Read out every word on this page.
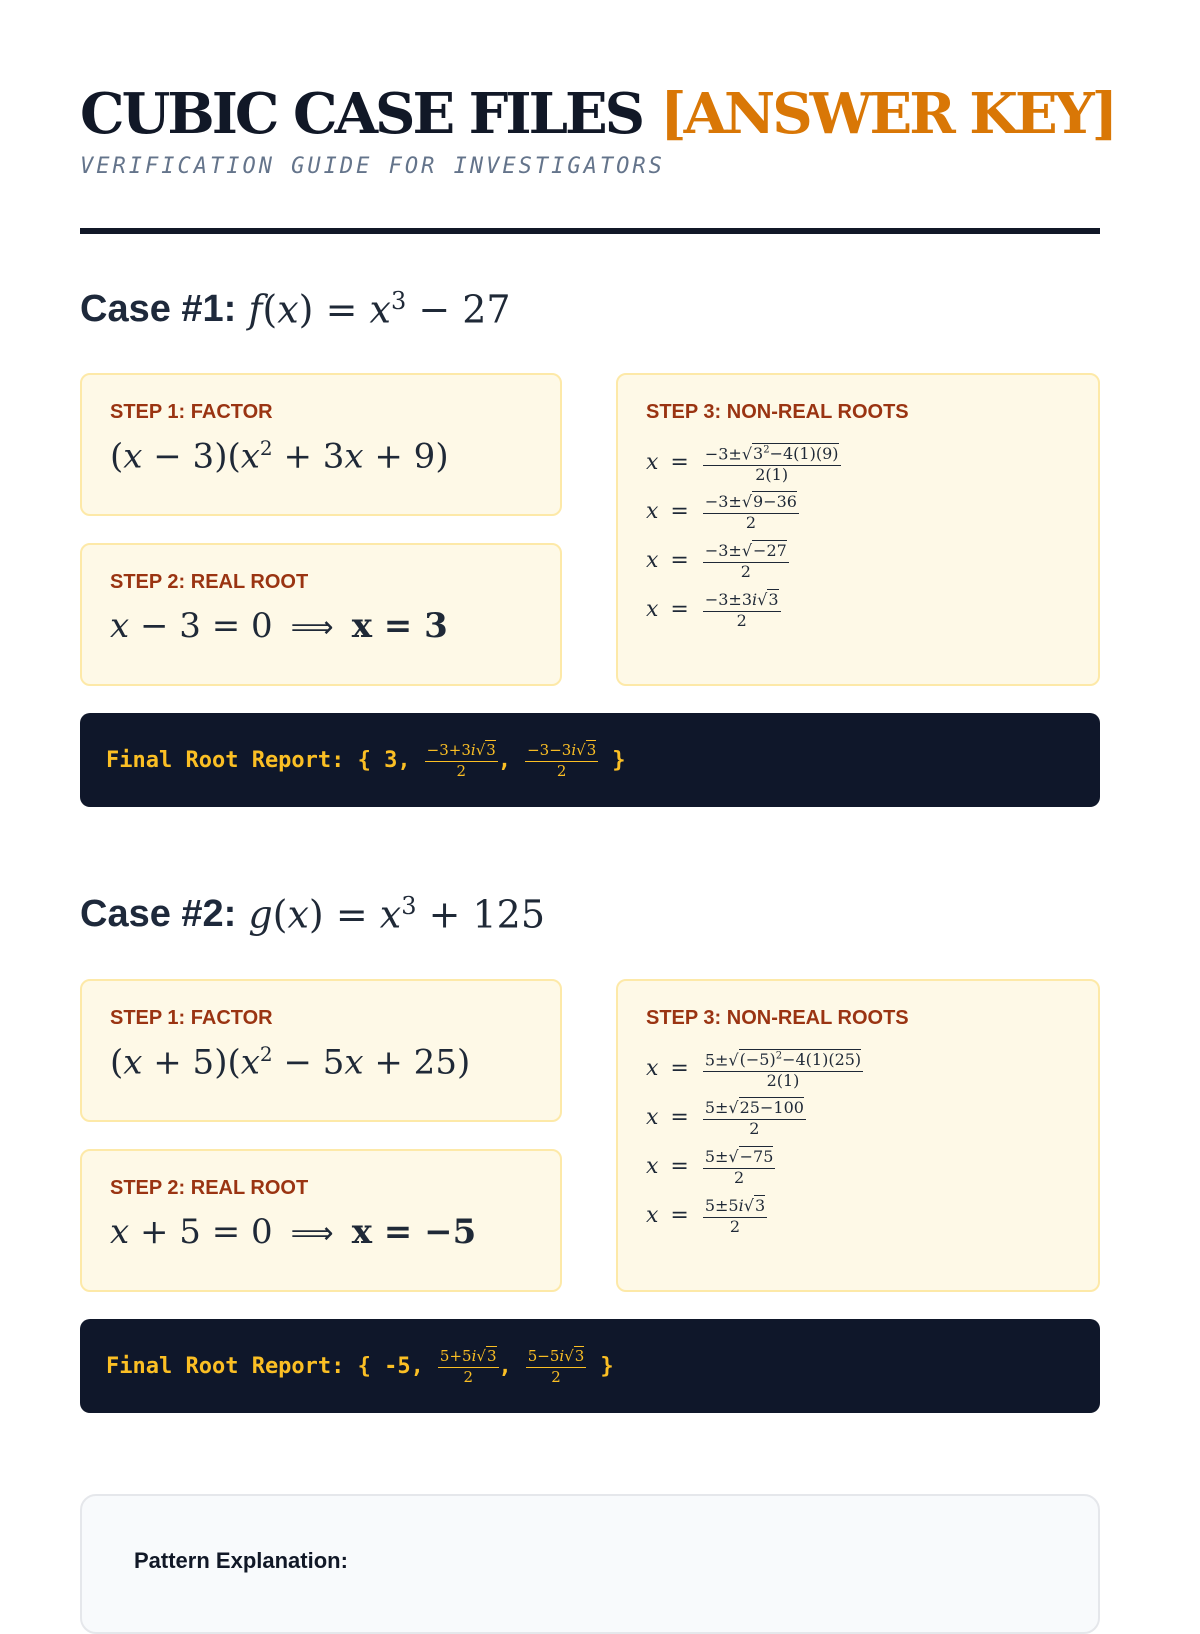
CUBIC CASE FILES [ANSWER KEY]
VERIFICATION GUIDE FOR INVESTIGATORS
Case #1: $f(x) = x^3 - 27$
STEP 1: FACTOR
$(x - 3)(x^2 + 3x + 9)$
STEP 2: REAL ROOT
x − 3 = 0 ⟹ x = 3
STEP 3: NON-REAL ROOTS
$x = \frac{-3\pm√3^2-4(1)(9)}{2(1)}$
$x = \frac{-3\pm√9-36}{2}$
$x = \frac{-3\pm√-27}{2}$
$x = \frac{-3\pm 3i√3}{2}$
Final Root Report: { 3 , $\frac{-3+3i√3}{2}$ , $\frac{-3-3i√3}{2}$ }
Case #2: $g(x) = x^3 + 125$
STEP 1: FACTOR
$(x + 5)(x^2 - 5x + 25)$
STEP 2: REAL ROOT
x + 5 = 0 ⟹ x = −5
STEP 3: NON-REAL ROOTS
$x = \frac{5\pm√(-5)^2-4(1)(25)}{2(1)}$
$x = \frac{5\pm√25-100}{2}$
$x = \frac{5\pm√-75}{2}$
$x = \frac{5\pm 5i√3}{2}$
Final Root Report: { -5 , $\frac{5+5i√3}{2}$ , $\frac{5-5i√3}{2}$ }
Pattern Explanation:
